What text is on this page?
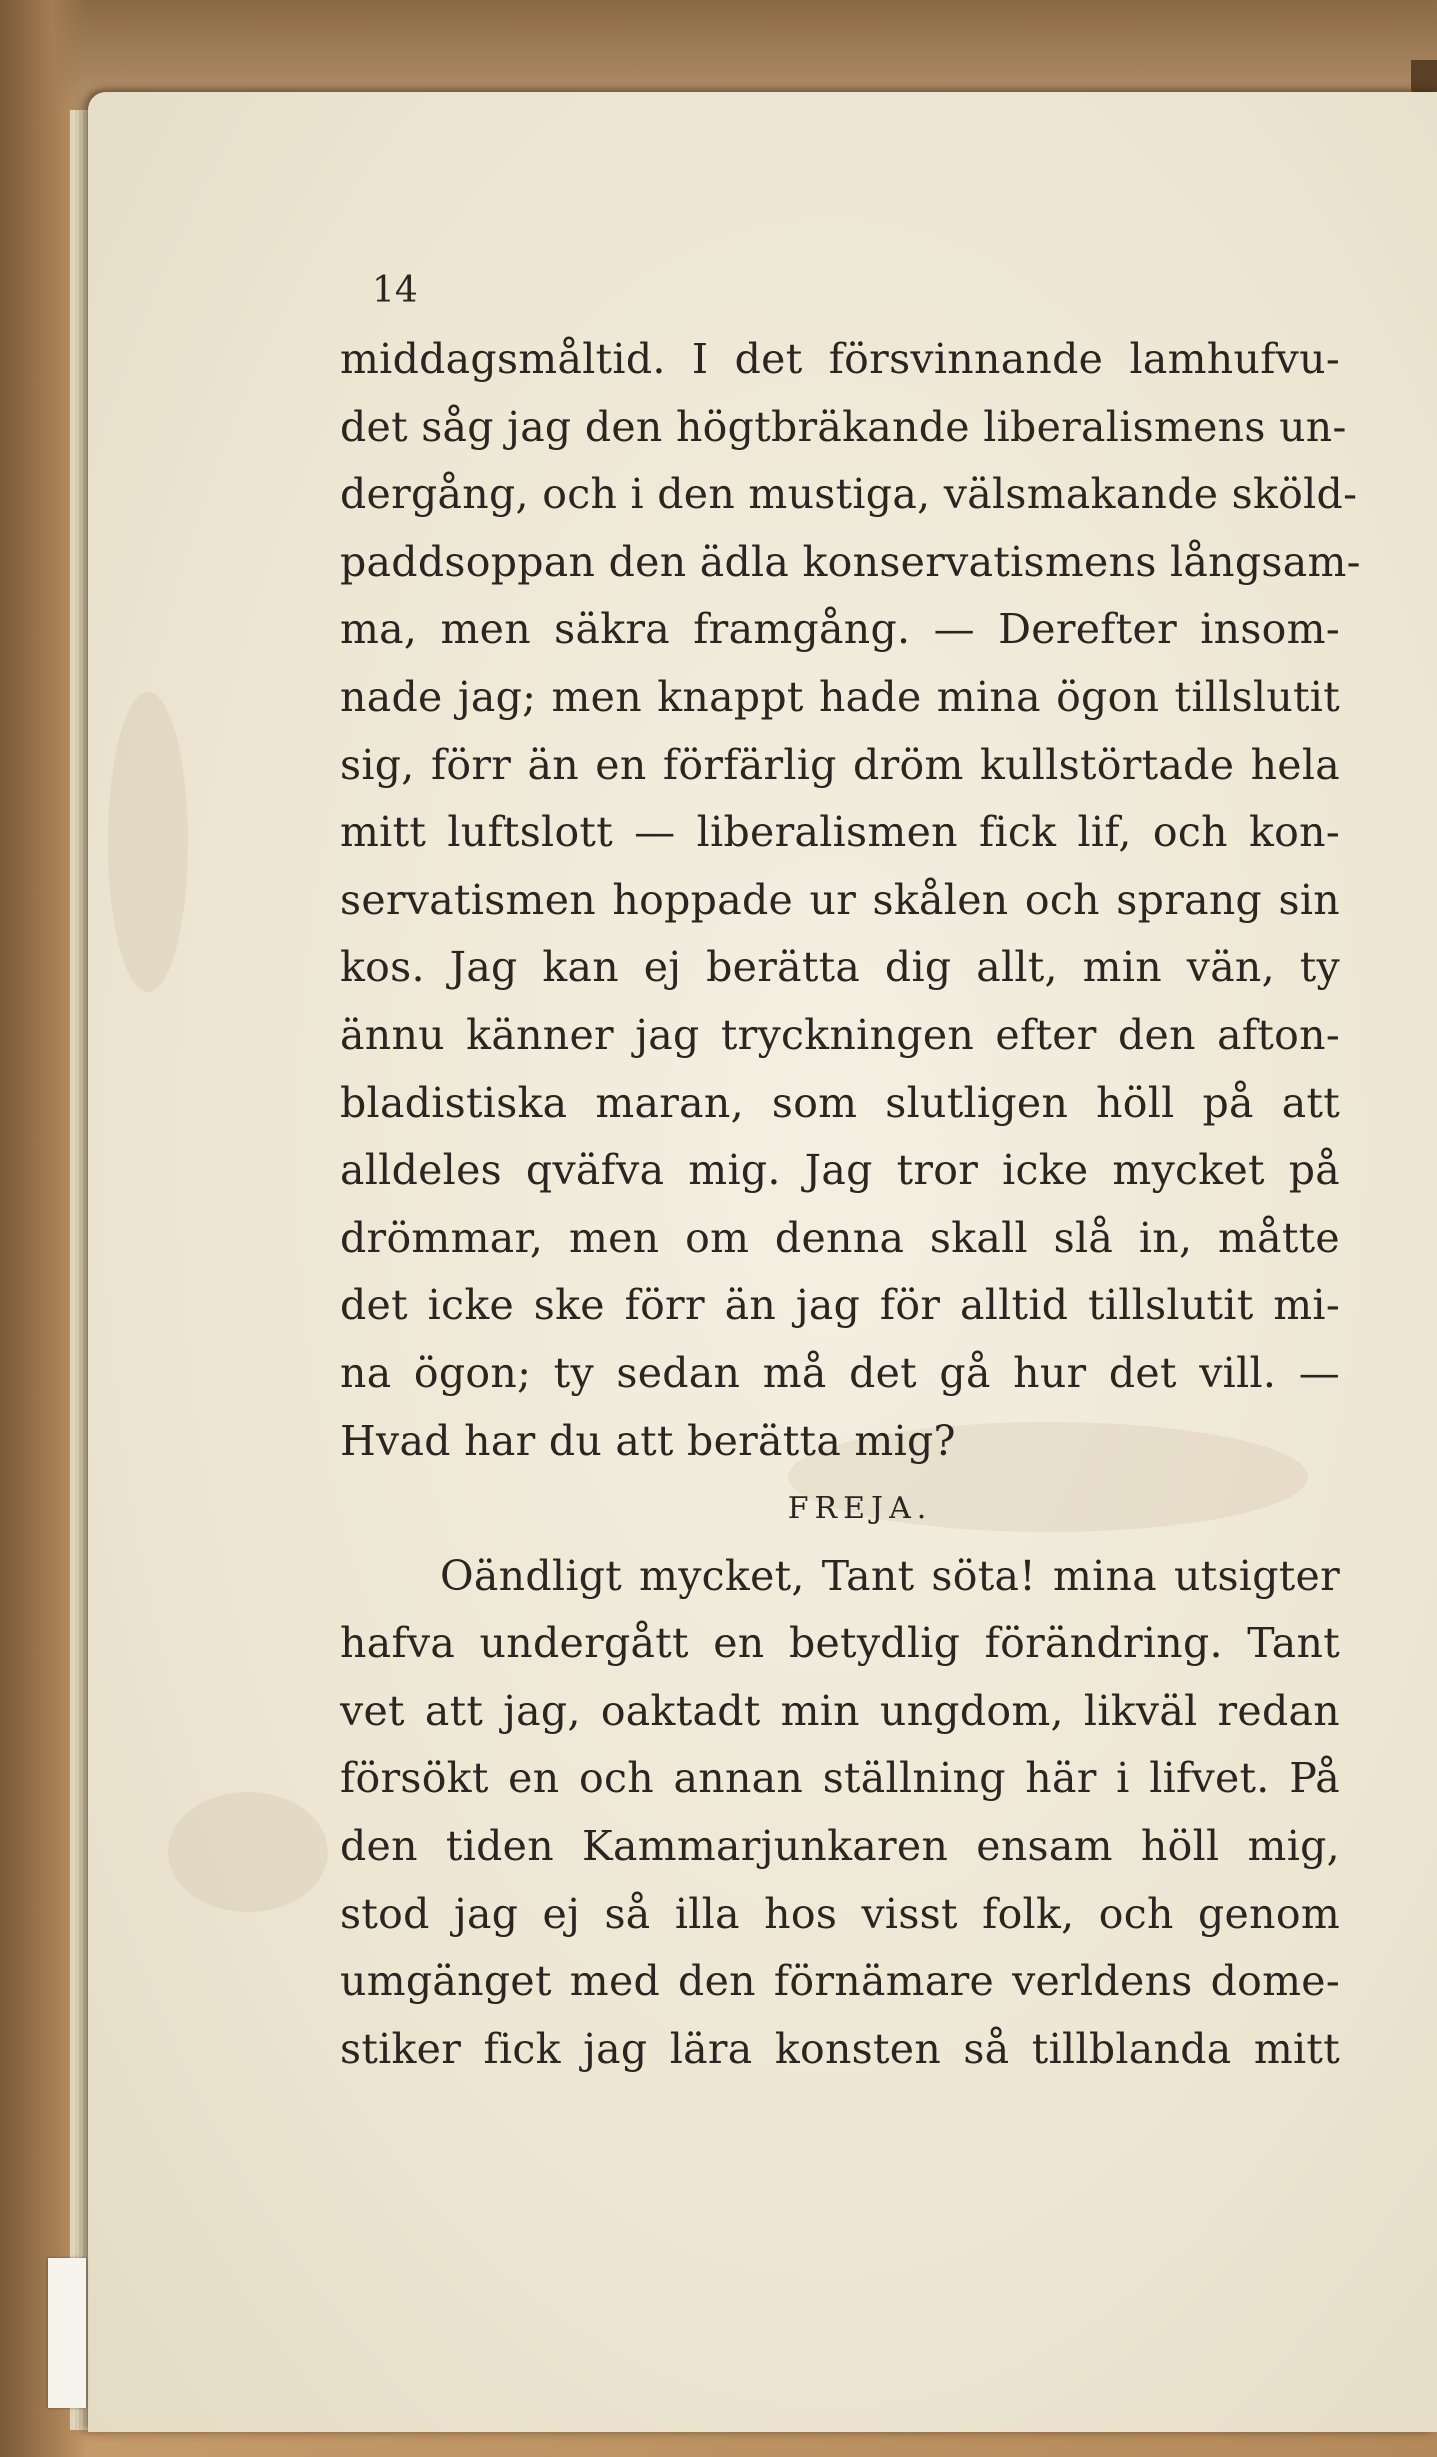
14
middagsmåltid. I det försvinnande lamhufvu-
det såg jag den högtbräkande liberalismens un-
dergång, och i den mustiga, välsmakande sköld-
paddsoppan den ädla konservatismens långsam-
ma, men säkra framgång. — Derefter insom-
nade jag; men knappt hade mina ögon tillslutit
sig, förr än en förfärlig dröm kullstörtade hela
mitt luftslott — liberalismen fick lif, och kon-
servatismen hoppade ur skålen och sprang sin
kos. Jag kan ej berätta dig allt, min vän, ty
ännu känner jag tryckningen efter den afton-
bladistiska maran, som slutligen höll på att
alldeles qväfva mig. Jag tror icke mycket på
drömmar, men om denna skall slå in, måtte
det icke ske förr än jag för alltid tillslutit mi-
na ögon; ty sedan må det gå hur det vill. —
Hvad har du att berätta mig?
FREJA.
Oändligt mycket, Tant söta! mina utsigter
hafva undergått en betydlig förändring. Tant
vet att jag, oaktadt min ungdom, likväl redan
försökt en och annan ställning här i lifvet. På
den tiden Kammarjunkaren ensam höll mig,
stod jag ej så illa hos visst folk, och genom
umgänget med den förnämare verldens dome-
stiker fick jag lära konsten så tillblanda mitt
